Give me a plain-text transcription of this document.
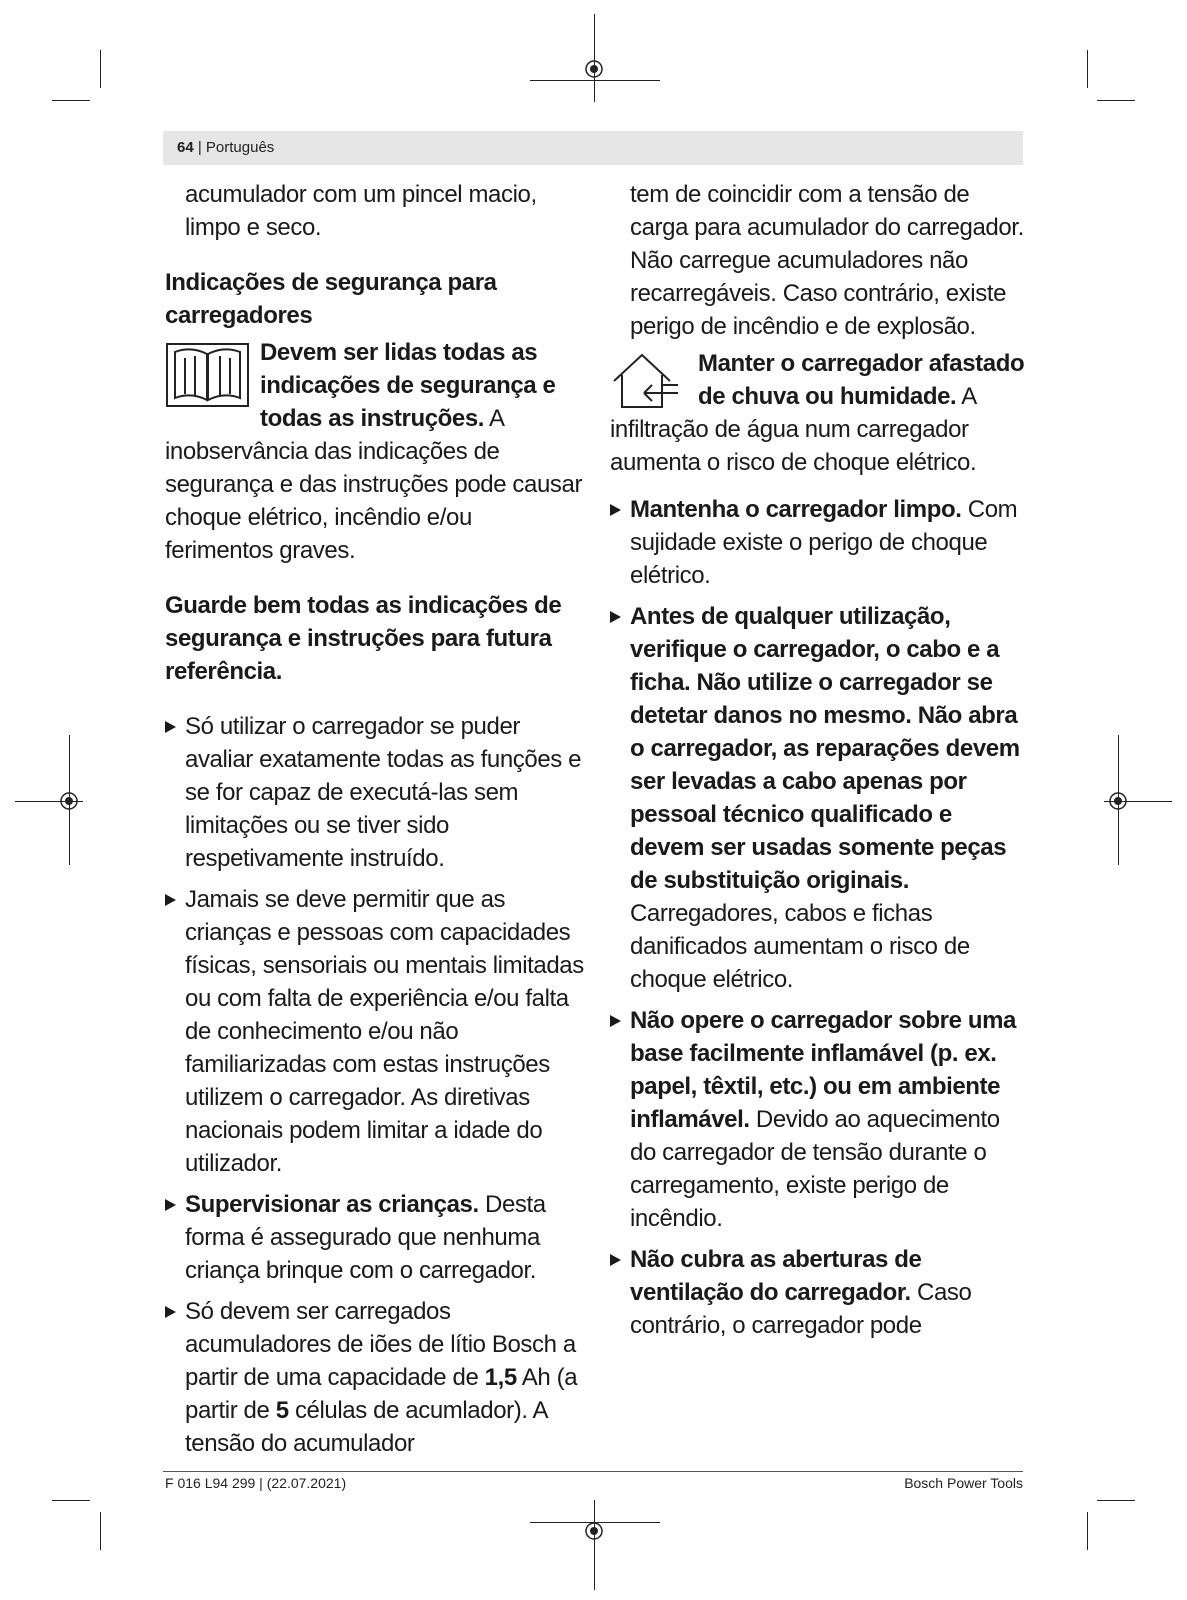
64 | Português

acumulador com um pincel macio, limpo e seco.

Indicações de segurança para carregadores

Devem ser lidas todas as indicações de segurança e todas as instruções. A inobservância das indicações de segurança e das instruções pode causar choque elétrico, incêndio e/ou ferimentos graves.

Guarde bem todas as indicações de segurança e instruções para futura referência.

Só utilizar o carregador se puder avaliar exatamente todas as funções e se for capaz de executá-las sem limitações ou se tiver sido respetivamente instruído.
Jamais se deve permitir que as crianças e pessoas com capacidades físicas, sensoriais ou mentais limitadas ou com falta de experiência e/ou falta de conhecimento e/ou não familiarizadas com estas instruções utilizem o carregador. As diretivas nacionais podem limitar a idade do utilizador.
Supervisionar as crianças. Desta forma é assegurado que nenhuma criança brinque com o carregador.
Só devem ser carregados acumuladores de iões de lítio Bosch a partir de uma capacidade de 1,5 Ah (a partir de 5 células de acumlador). A tensão do acumulador

tem de coincidir com a tensão de carga para acumulador do carregador. Não carregue acumuladores não recarregáveis. Caso contrário, existe perigo de incêndio e de explosão.

Manter o carregador afastado de chuva ou humidade. A infiltração de água num carregador aumenta o risco de choque elétrico.

Mantenha o carregador limpo. Com sujidade existe o perigo de choque elétrico.
Antes de qualquer utilização, verifique o carregador, o cabo e a ficha. Não utilize o carregador se detetar danos no mesmo. Não abra o carregador, as reparações devem ser levadas a cabo apenas por pessoal técnico qualificado e devem ser usadas somente peças de substituição originais. Carregadores, cabos e fichas danificados aumentam o risco de choque elétrico.
Não opere o carregador sobre uma base facilmente inflamável (p. ex. papel, têxtil, etc.) ou em ambiente inflamável. Devido ao aquecimento do carregador de tensão durante o carregamento, existe perigo de incêndio.
Não cubra as aberturas de ventilação do carregador. Caso contrário, o carregador pode
F 016 L94 299 | (22.07.2021)	Bosch Power Tools
